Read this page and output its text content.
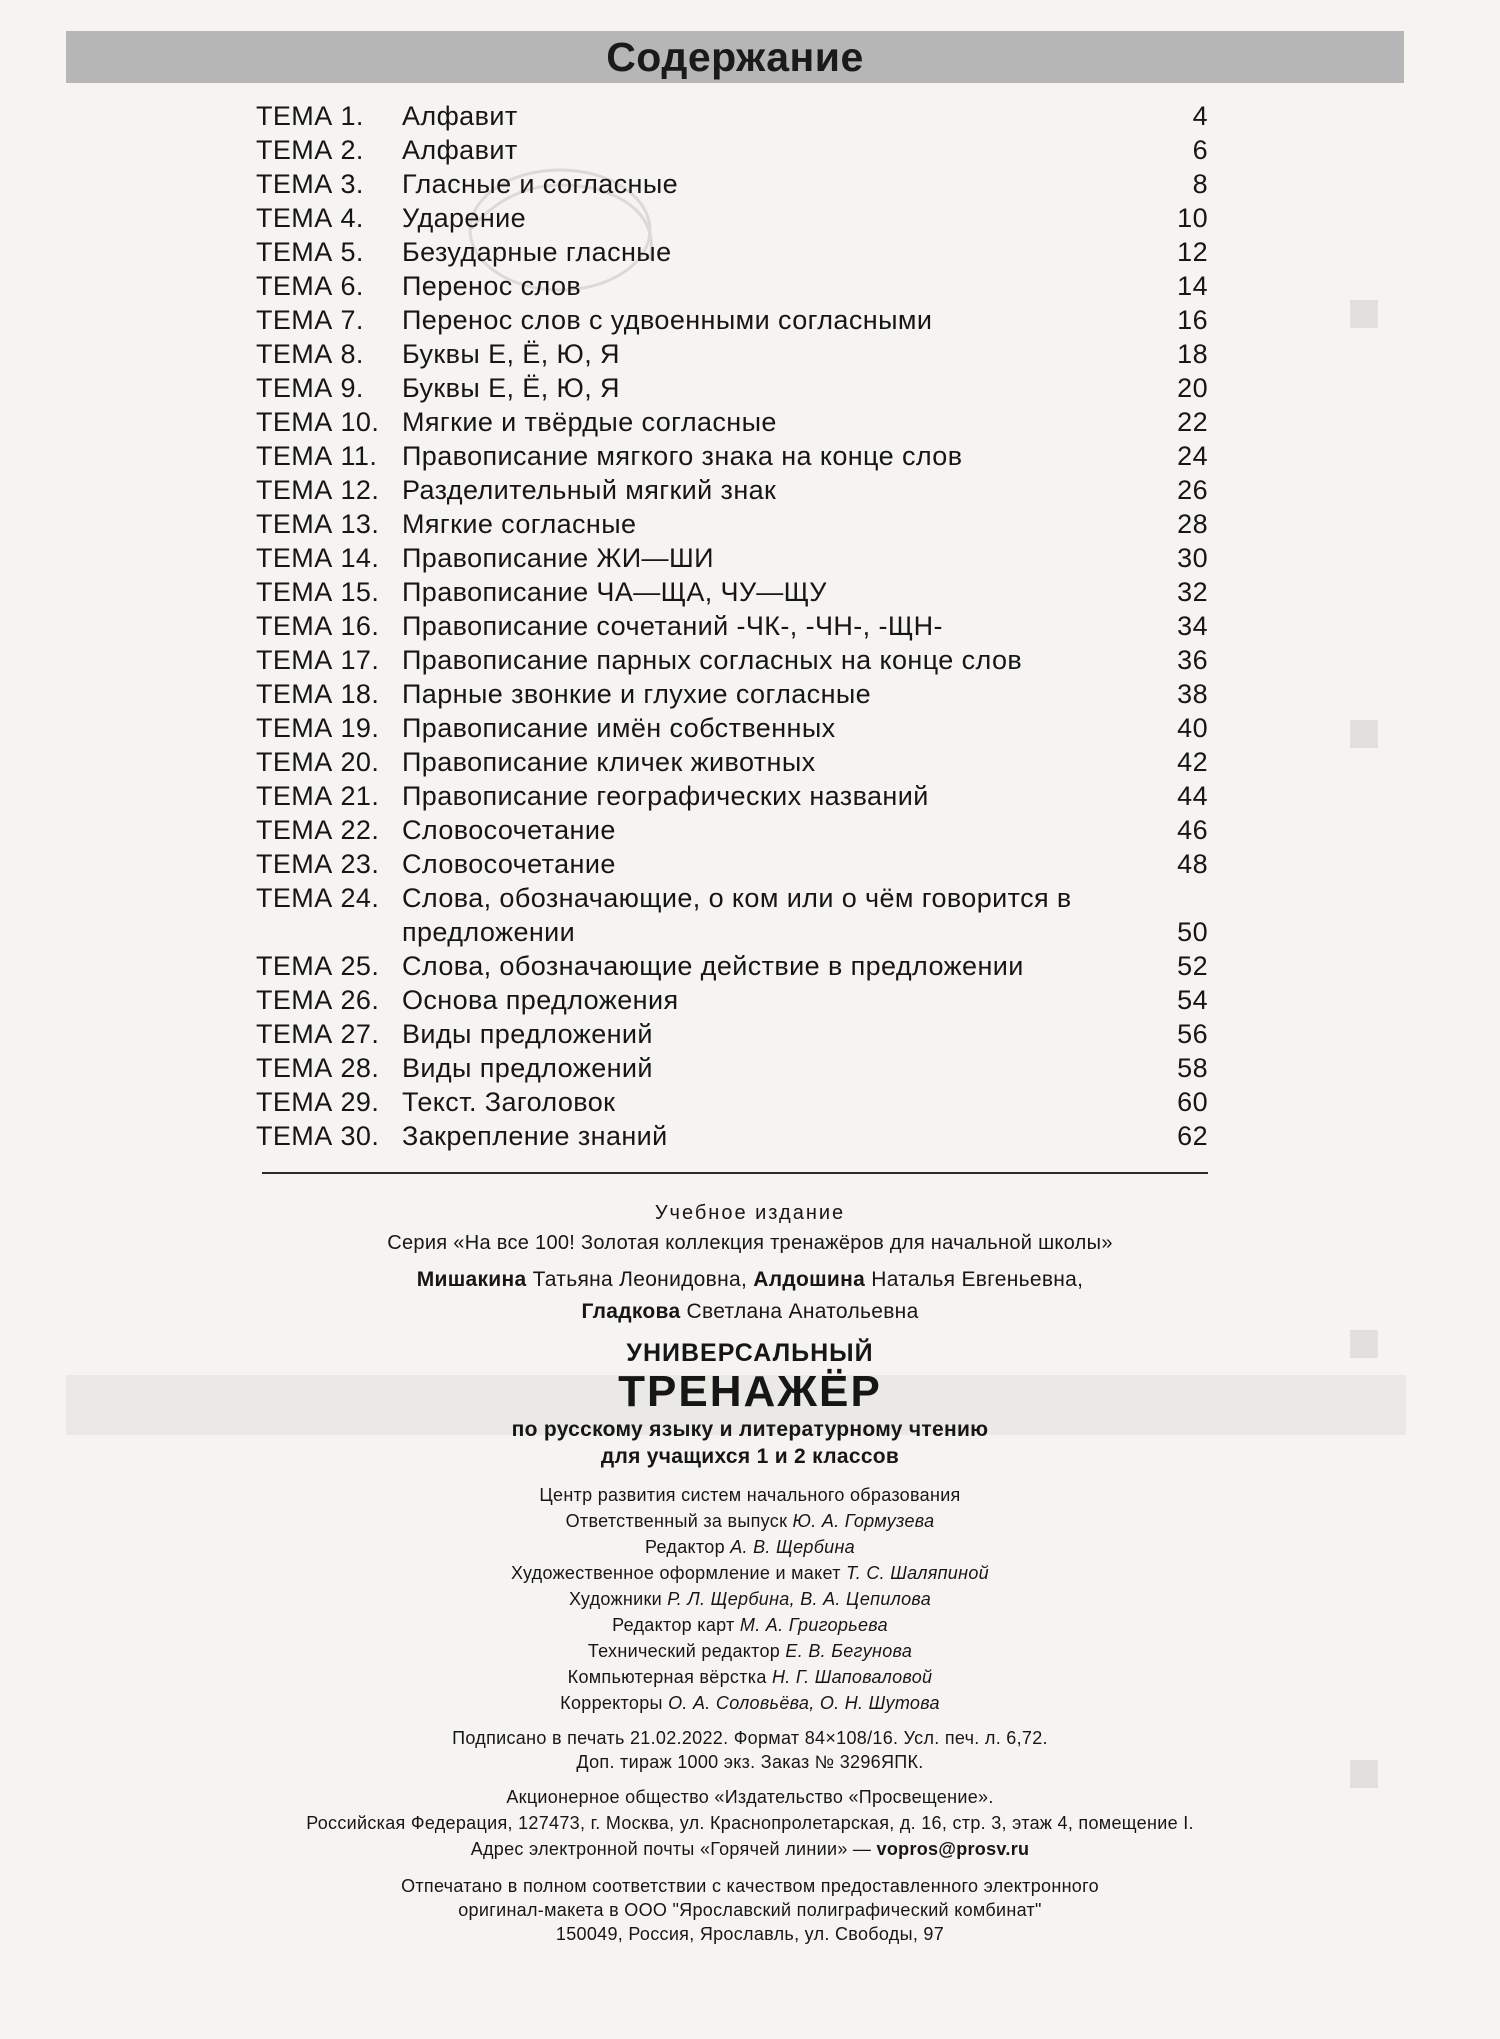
Содержание
ТЕМА 1. Алфавит	4
ТЕМА 2. Алфавит	6
ТЕМА 3. Гласные и согласные	8
ТЕМА 4. Ударение	10
ТЕМА 5. Безударные гласные	12
ТЕМА 6. Перенос слов	14
ТЕМА 7. Перенос слов с удвоенными согласными	16
ТЕМА 8. Буквы Е, Ё, Ю, Я	18
ТЕМА 9. Буквы Е, Ё, Ю, Я	20
ТЕМА 10. Мягкие и твёрдые согласные	22
ТЕМА 11. Правописание мягкого знака на конце слов	24
ТЕМА 12. Разделительный мягкий знак	26
ТЕМА 13. Мягкие согласные	28
ТЕМА 14. Правописание ЖИ—ШИ	30
ТЕМА 15. Правописание ЧА—ЩА, ЧУ—ЩУ	32
ТЕМА 16. Правописание сочетаний -ЧК-, -ЧН-, -ЩН-	34
ТЕМА 17. Правописание парных согласных на конце слов	36
ТЕМА 18. Парные звонкие и глухие согласные	38
ТЕМА 19. Правописание имён собственных	40
ТЕМА 20. Правописание кличек животных	42
ТЕМА 21. Правописание географических названий	44
ТЕМА 22. Словосочетание	46
ТЕМА 23. Словосочетание	48
ТЕМА 24. Слова, обозначающие, о ком или о чём говорится в предложении	50
ТЕМА 25. Слова, обозначающие действие в предложении	52
ТЕМА 26. Основа предложения	54
ТЕМА 27. Виды предложений	56
ТЕМА 28. Виды предложений	58
ТЕМА 29. Текст. Заголовок	60
ТЕМА 30. Закрепление знаний	62
Учебное издание
Серия «На все 100! Золотая коллекция тренажёров для начальной школы»
Мишакина Татьяна Леонидовна, Алдошина Наталья Евгеньевна,
Гладкова Светлана Анатольевна
УНИВЕРСАЛЬНЫЙ
ТРЕНАЖЁР
по русскому языку и литературному чтению
для учащихся 1 и 2 классов
Центр развития систем начального образования
Ответственный за выпуск Ю. А. Гормузева
Редактор А. В. Щербина
Художественное оформление и макет Т. С. Шаляпиной
Художники Р. Л. Щербина, В. А. Цепилова
Редактор карт М. А. Григорьева
Технический редактор Е. В. Бегунова
Компьютерная вёрстка Н. Г. Шаповаловой
Корректоры О. А. Соловьёва, О. Н. Шутова
Подписано в печать 21.02.2022. Формат 84×108/16. Усл. печ. л. 6,72.
Доп. тираж 1000 экз. Заказ № 3296ЯПК.
Акционерное общество «Издательство «Просвещение».
Российская Федерация, 127473, г. Москва, ул. Краснопролетарская, д. 16, стр. 3, этаж 4, помещение I.
Адрес электронной почты «Горячей линии» — vopros@prosv.ru
Отпечатано в полном соответствии с качеством предоставленного электронного
оригинал-макета в ООО "Ярославский полиграфический комбинат"
150049, Россия, Ярославль, ул. Свободы, 97
